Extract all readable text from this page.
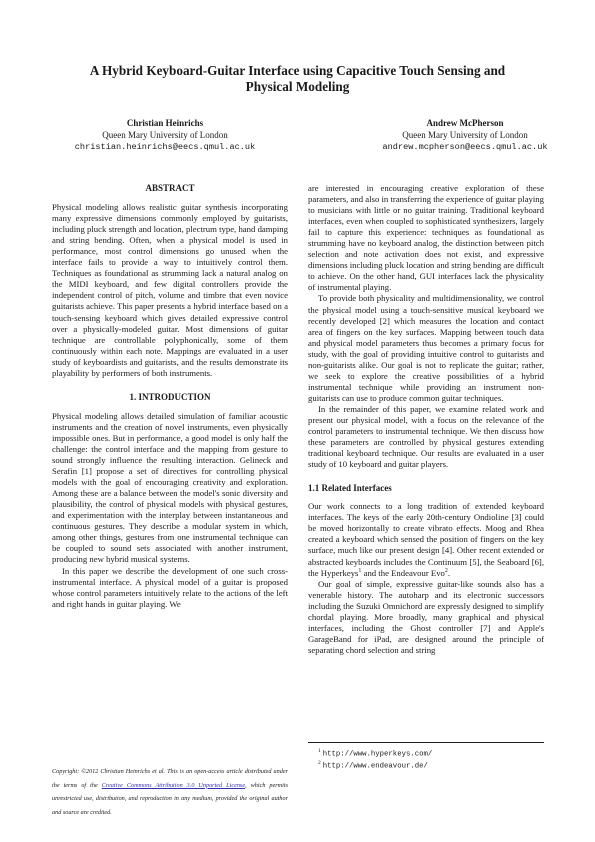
A Hybrid Keyboard-Guitar Interface using Capacitive Touch Sensing and
Physical Modeling
Christian Heinrichs
Queen Mary University of London
christian.heinrichs@eecs.qmul.ac.uk
Andrew McPherson
Queen Mary University of London
andrew.mcpherson@eecs.qmul.ac.uk
ABSTRACT

Physical modeling allows realistic guitar synthesis incorporating many expressive dimensions commonly employed by guitarists, including pluck strength and location, plectrum type, hand damping and string bending. Often, when a physical model is used in performance, most control dimensions go unused when the interface fails to provide a way to intuitively control them. Techniques as foundational as strumming lack a natural analog on the MIDI keyboard, and few digital controllers provide the independent control of pitch, volume and timbre that even novice guitarists achieve. This paper presents a hybrid interface based on a touch-sensing keyboard which gives detailed expressive control over a physically-modeled guitar. Most dimensions of guitar technique are controllable polyphonically, some of them continuously within each note. Mappings are evaluated in a user study of keyboardists and guitarists, and the results demonstrate its playability by performers of both instruments.

1. INTRODUCTION

Physical modeling allows detailed simulation of familiar acoustic instruments and the creation of novel instruments, even physically impossible ones. But in performance, a good model is only half the challenge: the control interface and the mapping from gesture to sound strongly influence the resulting interaction. Gelineck and Serafin [1] propose a set of directives for controlling physical models with the goal of encouraging creativity and exploration. Among these are a balance between the model's sonic diversity and plausibility, the control of physical models with physical gestures, and experimentation with the interplay between instantaneous and continuous gestures. They describe a modular system in which, among other things, gestures from one instrumental technique can be coupled to sound sets associated with another instrument, producing new hybrid musical systems.

In this paper we describe the development of one such cross-instrumental interface. A physical model of a guitar is proposed whose control parameters intuitively relate to the actions of the left and right hands in guitar playing. We

Copyright: ©2012 Christian Heinrichs et al. This is an open-access article distributed under the terms of the Creative Commons Attribution 3.0 Unported License, which permits unrestricted use, distribution, and reproduction in any medium, provided the original author and source are credited.

are interested in encouraging creative exploration of these parameters, and also in transferring the experience of guitar playing to musicians with little or no guitar training. Traditional keyboard interfaces, even when coupled to sophisticated synthesizers, largely fail to capture this experience: techniques as foundational as strumming have no keyboard analog, the distinction between pitch selection and note activation does not exist, and expressive dimensions including pluck location and string bending are difficult to achieve. On the other hand, GUI interfaces lack the physicality of instrumental playing.

To provide both physicality and multidimensionality, we control the physical model using a touch-sensitive musical keyboard we recently developed [2] which measures the location and contact area of fingers on the key surfaces. Mapping between touch data and physical model parameters thus becomes a primary focus for study, with the goal of providing intuitive control to guitarists and non-guitarists alike. Our goal is not to replicate the guitar; rather, we seek to explore the creative possibilities of a hybrid instrumental technique while providing an instrument non-guitarists can use to produce common guitar techniques.

In the remainder of this paper, we examine related work and present our physical model, with a focus on the relevance of the control parameters to instrumental technique. We then discuss how these parameters are controlled by physical gestures extending traditional keyboard technique. Our results are evaluated in a user study of 10 keyboard and guitar players.

1.1 Related Interfaces

Our work connects to a long tradition of extended keyboard interfaces. The keys of the early 20th-century Ondioline [3] could be moved horizontally to create vibrato effects. Moog and Rhea created a keyboard which sensed the position of fingers on the key surface, much like our present design [4]. Other recent extended or abstracted keyboards includes the Continuum [5], the Seaboard [6], the Hyperkeys$^1$ and the Endeavour Evo$^2$.

Our goal of simple, expressive guitar-like sounds also has a venerable history. The autoharp and its electronic successors including the Suzuki Omnichord are expressly designed to simplify chordal playing. More broadly, many graphical and physical interfaces, including the Ghost controller [7] and Apple's GarageBand for iPad, are designed around the principle of separating chord selection and string

$^1$ http://www.hyperkeys.com/
$^2$ http://www.endeavour.de/
